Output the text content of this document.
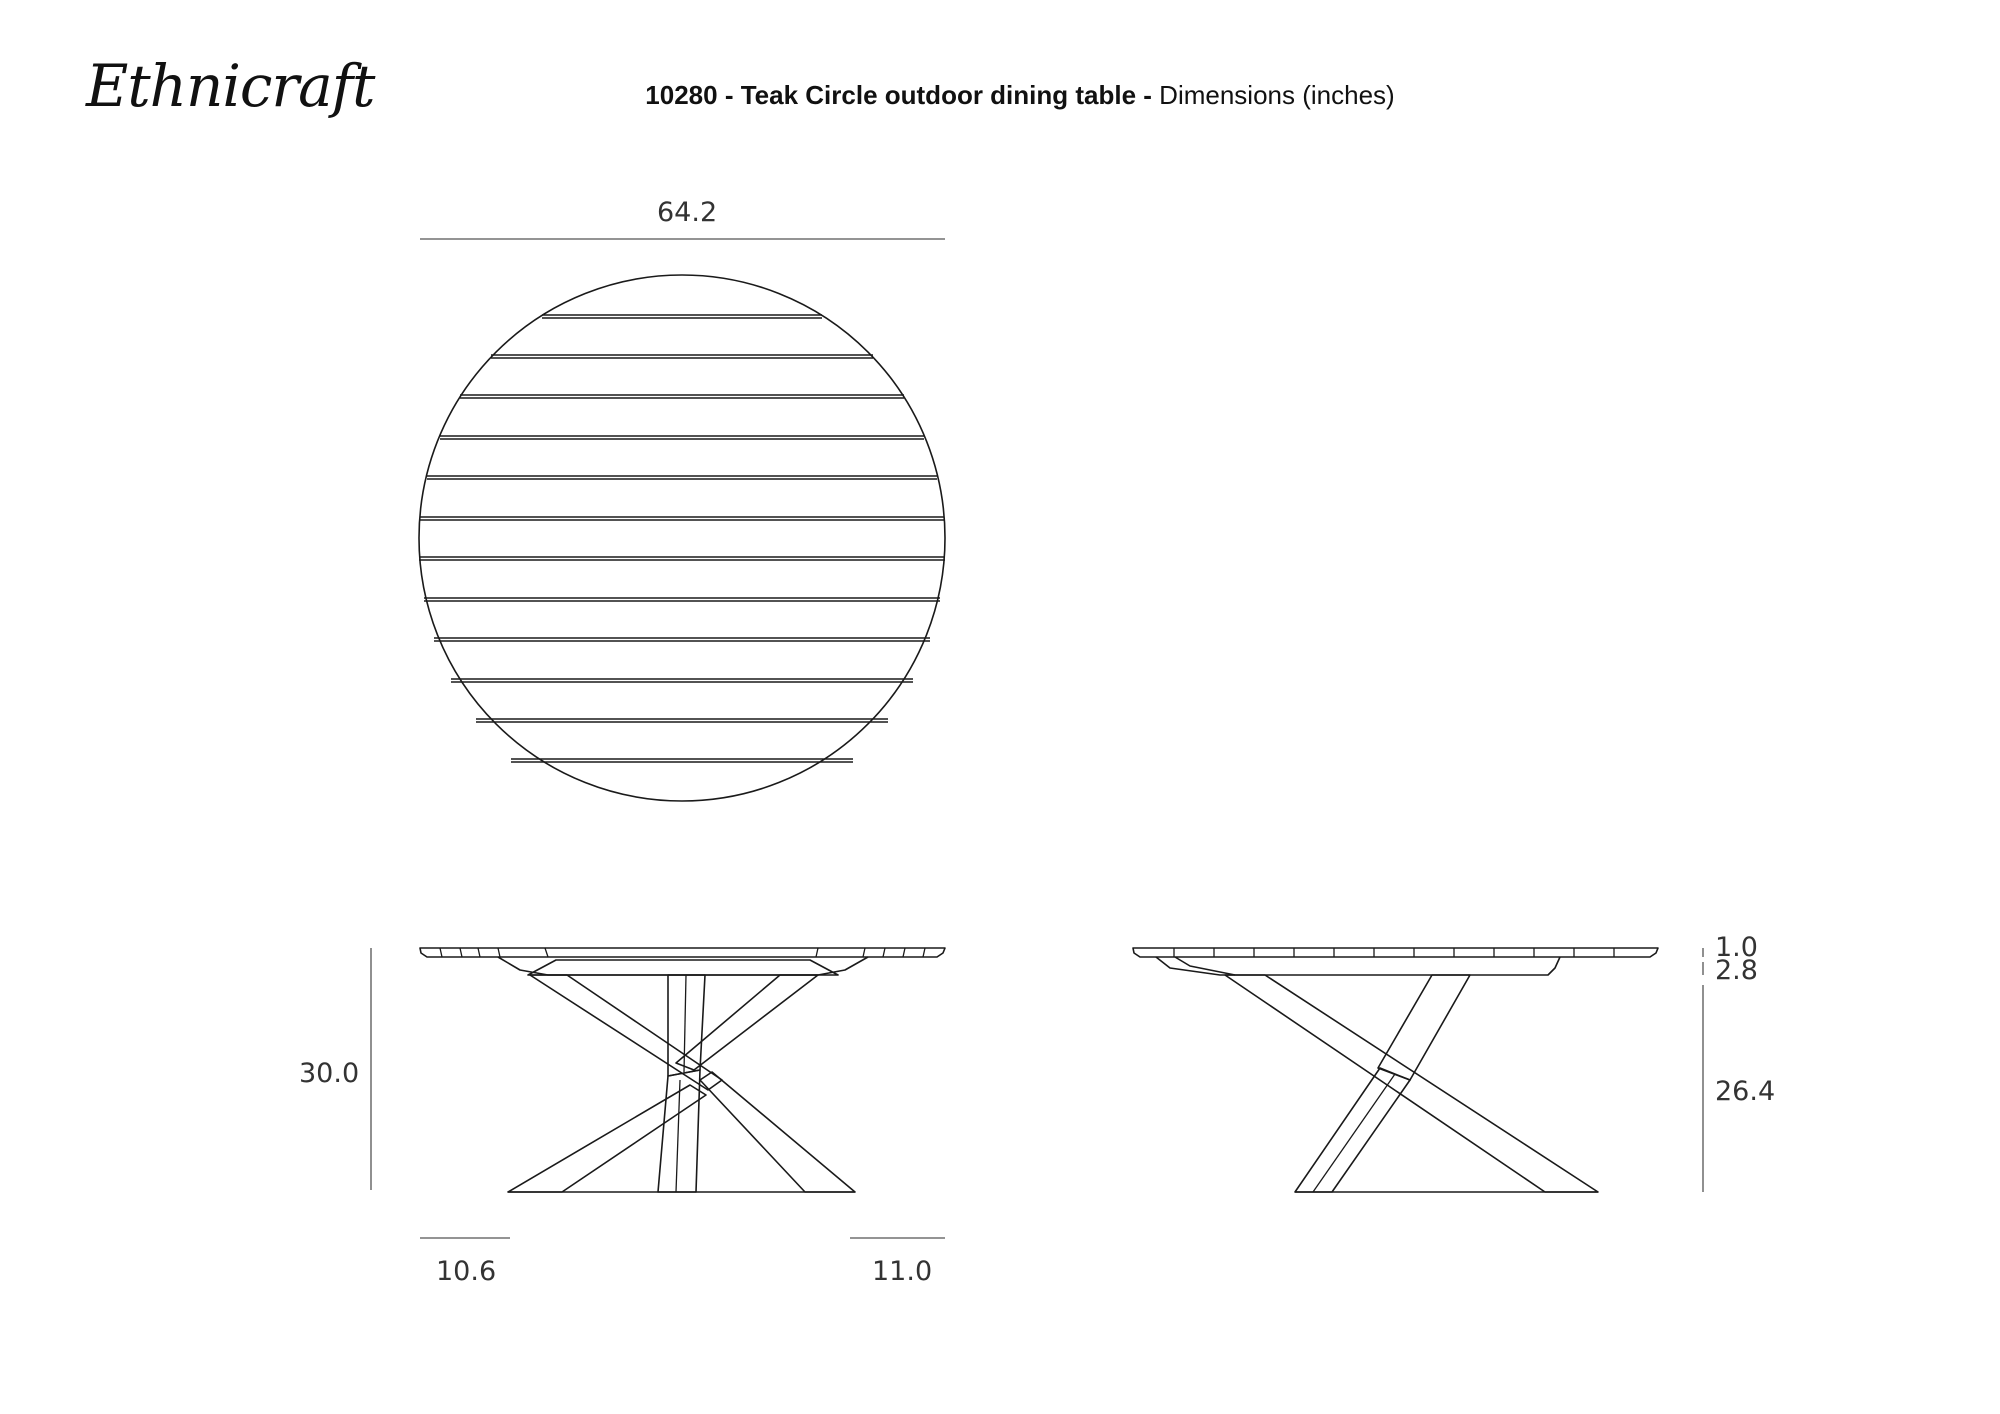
Ethnicraft	10280 - Teak Circle outdoor dining table - Dimensions (inches)
64.2
30.0
10.6	11.0
1.0
2.8
26.4
